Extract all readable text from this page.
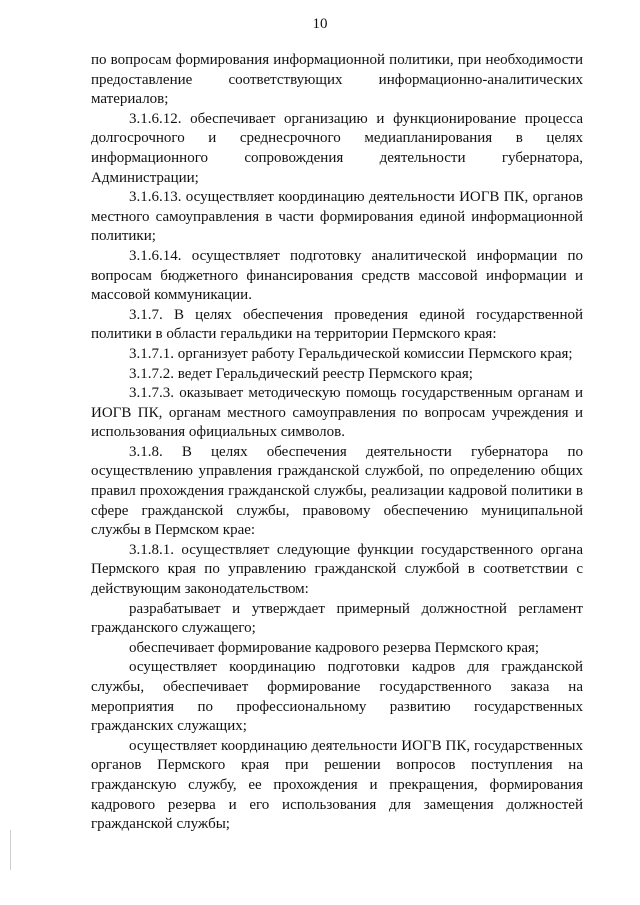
10

по вопросам формирования информационной политики, при необходимости предоставление соответствующих информационно-аналитических материалов;

3.1.6.12. обеспечивает организацию и функционирование процесса долгосрочного и среднесрочного медиапланирования в целях информационного сопровождения деятельности губернатора, Администрации;

3.1.6.13. осуществляет координацию деятельности ИОГВ ПК, органов местного самоуправления в части формирования единой информационной политики;

3.1.6.14. осуществляет подготовку аналитической информации по вопросам бюджетного финансирования средств массовой информации и массовой коммуникации.

3.1.7. В целях обеспечения проведения единой государственной политики в области геральдики на территории Пермского края:

3.1.7.1. организует работу Геральдической комиссии Пермского края;

3.1.7.2. ведет Геральдический реестр Пермского края;

3.1.7.3. оказывает методическую помощь государственным органам и ИОГВ ПК, органам местного самоуправления по вопросам учреждения и использования официальных символов.

3.1.8. В целях обеспечения деятельности губернатора по осуществлению управления гражданской службой, по определению общих правил прохождения гражданской службы, реализации кадровой политики в сфере гражданской службы, правовому обеспечению муниципальной службы в Пермском крае:

3.1.8.1. осуществляет следующие функции государственного органа Пермского края по управлению гражданской службой в соответствии с действующим законодательством:

разрабатывает и утверждает примерный должностной регламент гражданского служащего;

обеспечивает формирование кадрового резерва Пермского края;

осуществляет координацию подготовки кадров для гражданской службы, обеспечивает формирование государственного заказа на мероприятия по профессиональному развитию государственных гражданских служащих;

осуществляет координацию деятельности ИОГВ ПК, государственных органов Пермского края при решении вопросов поступления на гражданскую службу, ее прохождения и прекращения, формирования кадрового резерва и его использования для замещения должностей гражданской службы;
